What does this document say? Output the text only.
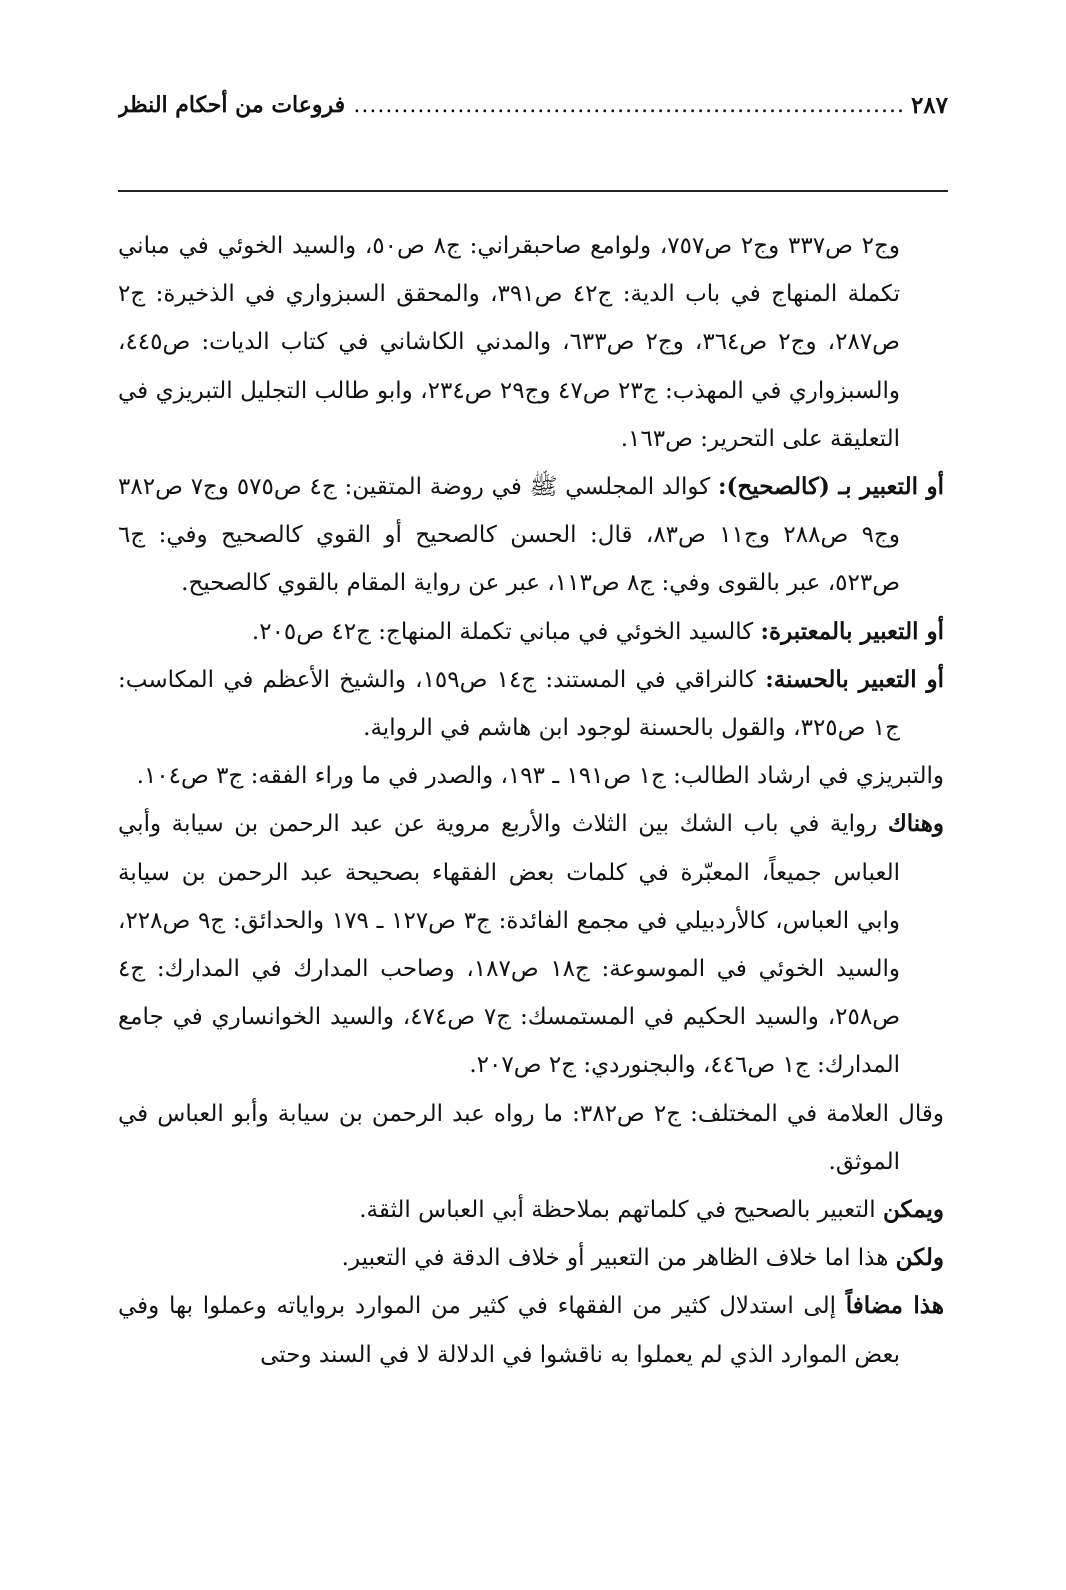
٢٨٧
.....
فروعات من أحكام النظر

وج٢ ص٣٣٧ وج٢ ص٧٥٧، ولوامع صاحبقراني: ج٨ ص٥٠، والسيد الخوئي في مباني تكملة المنهاج في باب الدية: ج٤٢ ص٣٩١، والمحقق السبزواري في الذخيرة: ج٢ ص٢٨٧، وج٢ ص٣٦٤، وج٢ ص٦٣٣، والمدني الكاشاني في كتاب الديات: ص٤٤٥، والسبزواري في المهذب: ج٢٣ ص٤٧ وج٢٩ ص٢٣٤، وابو طالب التجليل التبريزي في التعليقة على التحرير: ص١٦٣.

أو التعبير بـ (كالصحيح): كوالد المجلسي ﷺ في روضة المتقين: ج٤ ص٥٧٥ وج٧ ص٣٨٢ وج٩ ص٢٨٨ وج١١ ص٨٣، قال: الحسن كالصحيح أو القوي كالصحيح وفي: ج٦ ص٥٢٣، عبر بالقوى وفي: ج٨ ص١١٣، عبر عن رواية المقام بالقوي كالصحيح.

أو التعبير بالمعتبرة: كالسيد الخوئي في مباني تكملة المنهاج: ج٤٢ ص٢٠٥.

أو التعبير بالحسنة: كالنراقي في المستند: ج١٤ ص١٥٩، والشيخ الأعظم في المكاسب: ج١ ص٣٢٥، والقول بالحسنة لوجود ابن هاشم في الرواية.

والتبريزي في ارشاد الطالب: ج١ ص١٩١ ـ ١٩٣، والصدر في ما وراء الفقه: ج٣ ص١٠٤.

وهناك رواية في باب الشك بين الثلاث والأربع مروية عن عبد الرحمن بن سيابة وأبي العباس جميعاً، المعبّرة في كلمات بعض الفقهاء بصحيحة عبد الرحمن بن سيابة وابي العباس، كالأردبيلي في مجمع الفائدة: ج٣ ص١٢٧ ـ ١٧٩ والحدائق: ج٩ ص٢٢٨، والسيد الخوئي في الموسوعة: ج١٨ ص١٨٧، وصاحب المدارك في المدارك: ج٤ ص٢٥٨، والسيد الحكيم في المستمسك: ج٧ ص٤٧٤، والسيد الخوانساري في جامع المدارك: ج١ ص٤٤٦، والبجنوردي: ج٢ ص٢٠٧.

وقال العلامة في المختلف: ج٢ ص٣٨٢: ما رواه عبد الرحمن بن سيابة وأبو العباس في الموثق.

ويمكن التعبير بالصحيح في كلماتهم بملاحظة أبي العباس الثقة.

ولكن هذا اما خلاف الظاهر من التعبير أو خلاف الدقة في التعبير.

هذا مضافاً إلى استدلال كثير من الفقهاء في كثير من الموارد برواياته وعملوا بها وفي بعض الموارد الذي لم يعملوا به ناقشوا في الدلالة لا في السند وحتى
